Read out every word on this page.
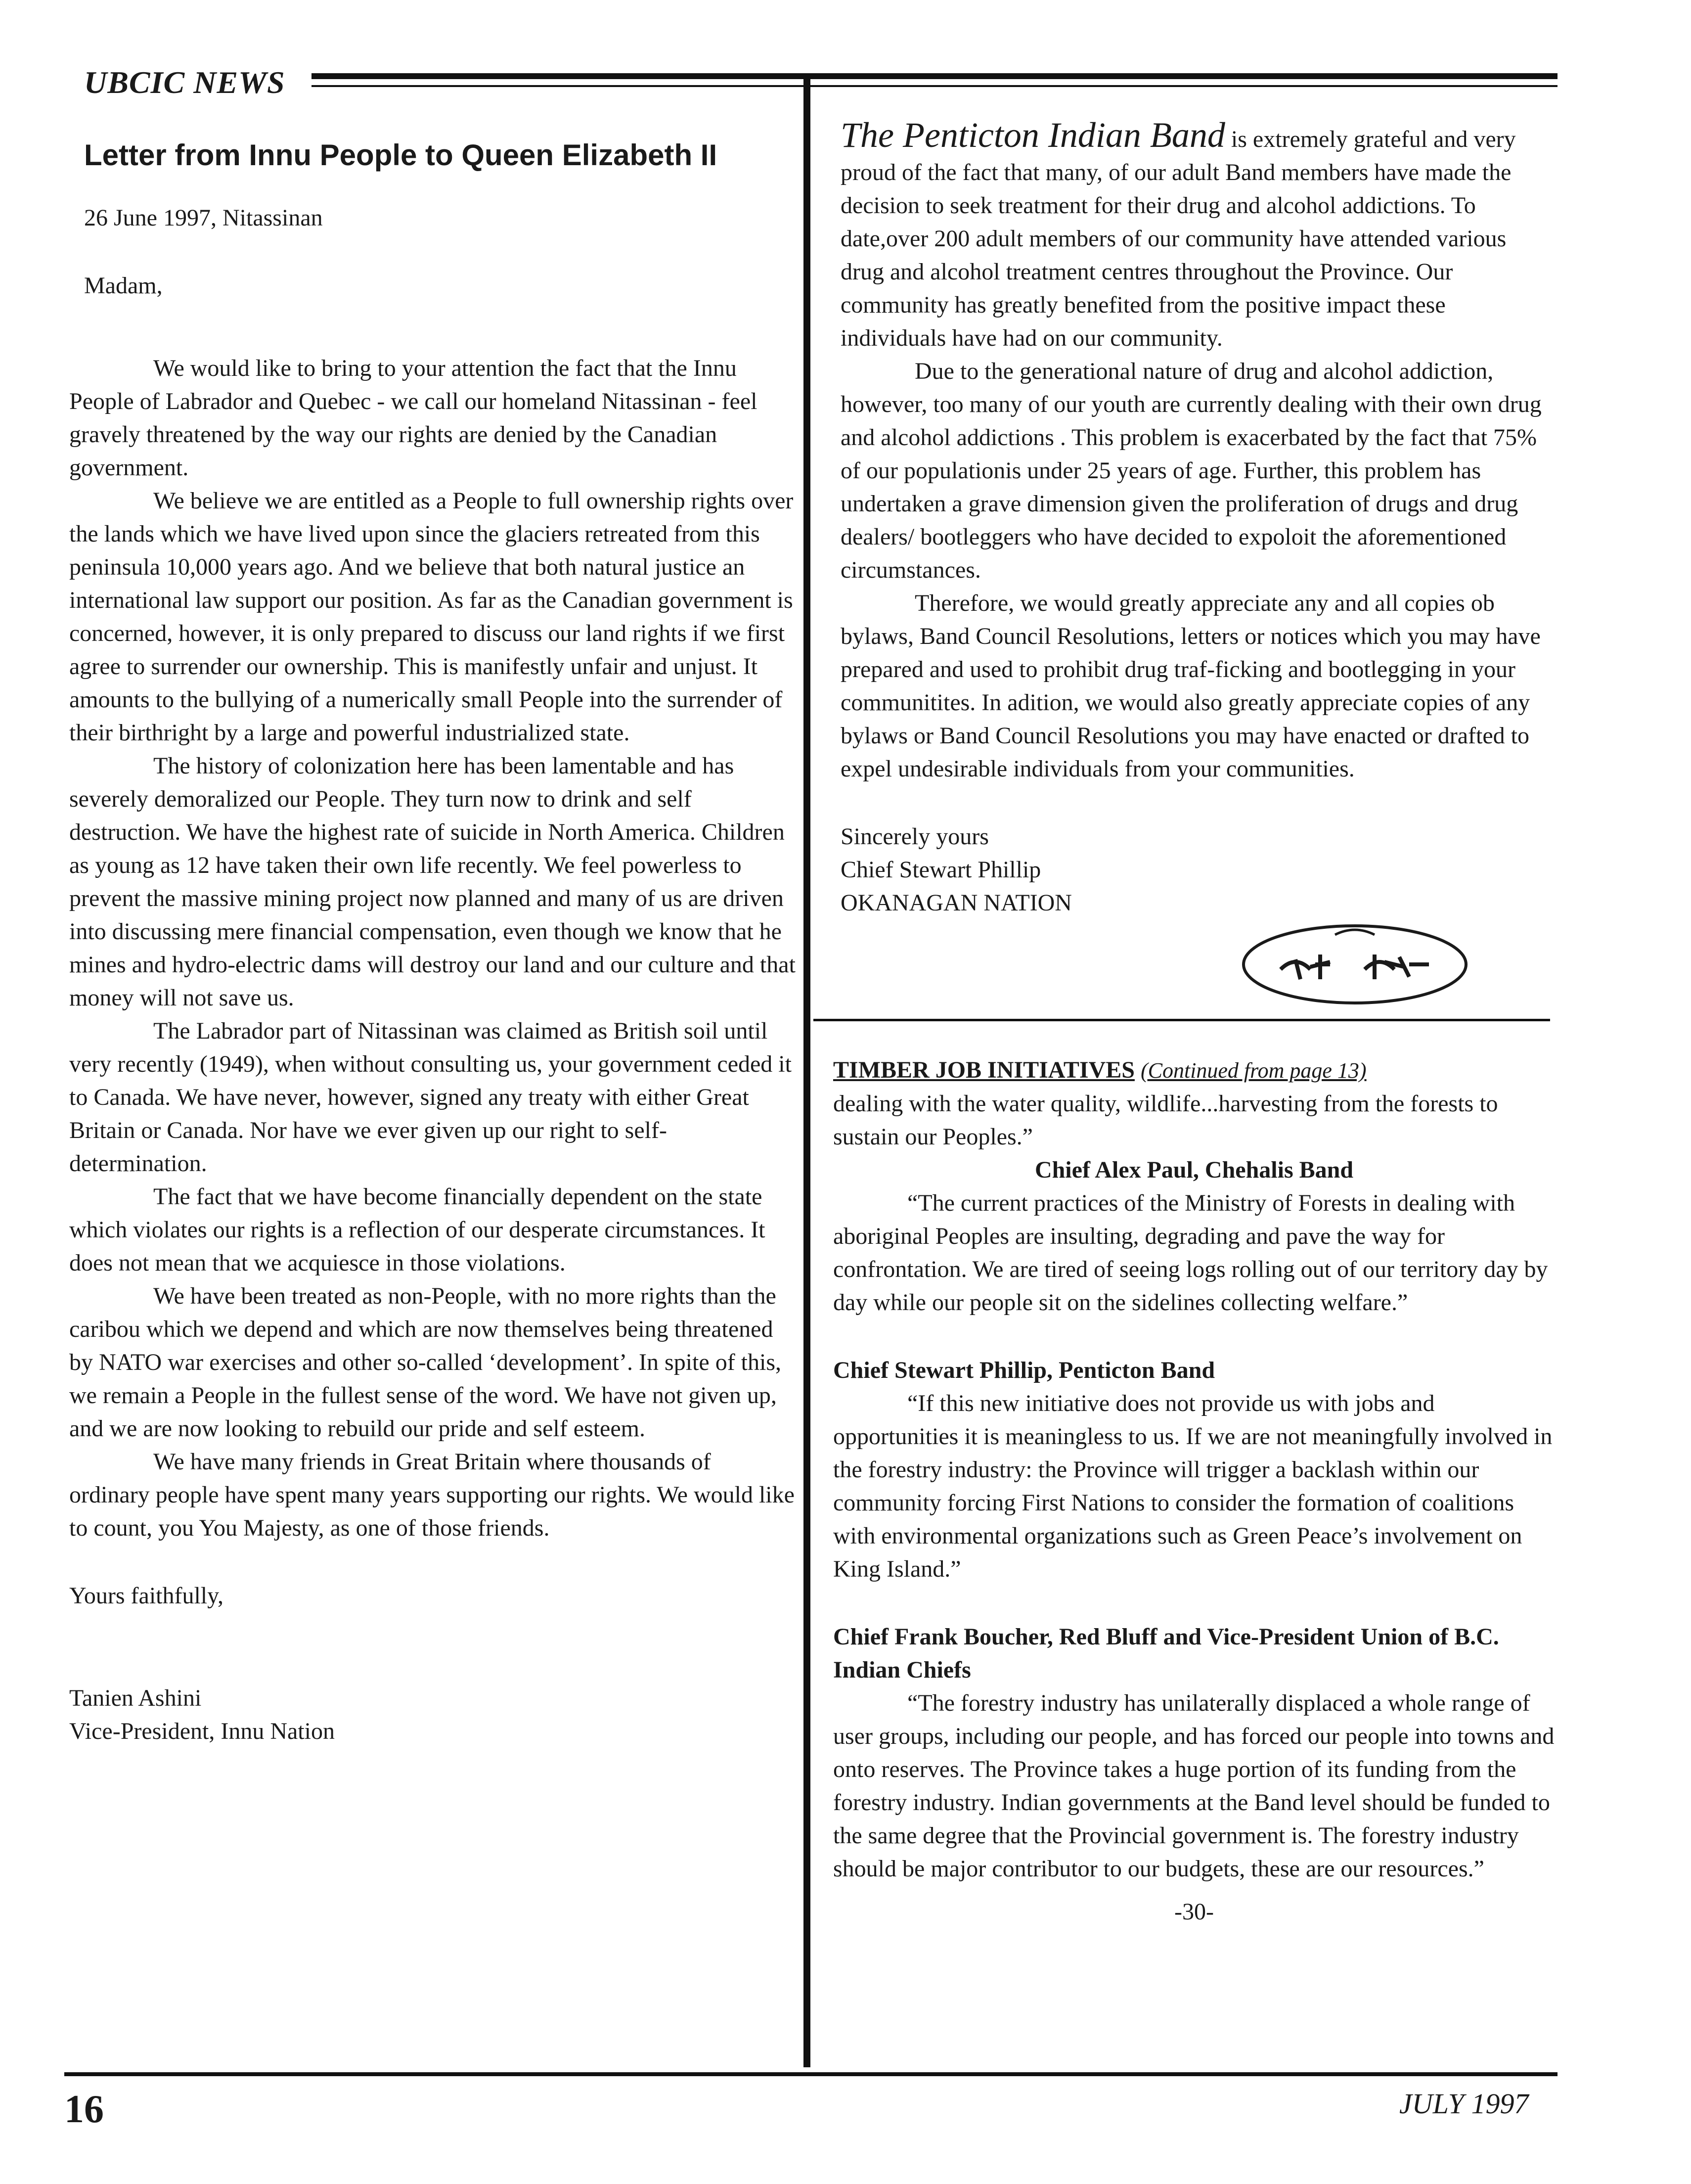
UBCIC NEWS
Letter from Innu People to Queen Elizabeth II

26 June 1997, Nitassinan

Madam,

We would like to bring to your attention the fact that the Innu People of Labrador and Quebec - we call our homeland Nitassinan - feel gravely threatened by the way our rights are denied by the Canadian government.

We believe we are entitled as a People to full ownership rights over the lands which we have lived upon since the glaciers retreated from this peninsula 10,000 years ago. And we believe that both natural justice an international law support our position. As far as the Canadian government is concerned, however, it is only prepared to discuss our land rights if we first agree to surrender our ownership. This is manifestly unfair and unjust. It amounts to the bullying of a numerically small People into the surrender of their birthright by a large and powerful industrialized state.

The history of colonization here has been lamentable and has severely demoralized our People. They turn now to drink and self destruction. We have the highest rate of suicide in North America. Children as young as 12 have taken their own life recently. We feel powerless to prevent the massive mining project now planned and many of us are driven into discussing mere financial compensation, even though we know that he mines and hydro-electric dams will destroy our land and our culture and that money will not save us.

The Labrador part of Nitassinan was claimed as British soil until very recently (1949), when without consulting us, your government ceded it to Canada. We have never, however, signed any treaty with either Great Britain or Canada. Nor have we ever given up our right to self-determination.

The fact that we have become financially dependent on the state which violates our rights is a reflection of our desperate circumstances. It does not mean that we acquiesce in those violations.

We have been treated as non-People, with no more rights than the caribou which we depend and which are now themselves being threatened by NATO war exercises and other so-called ‘development’. In spite of this, we remain a People in the fullest sense of the word. We have not given up, and we are now looking to rebuild our pride and self esteem.

We have many friends in Great Britain where thousands of ordinary people have spent many years supporting our rights. We would like to count, you You Majesty, as one of those friends.

Yours faithfully,

Tanien Ashini

Vice-President, Innu Nation

The Penticton Indian Band is extremely grateful and very proud of the fact that many, of our adult Band members have made the decision to seek treatment for their drug and alcohol addictions. To date,over 200 adult members of our community have attended various drug and alcohol treatment centres throughout the Province. Our community has greatly benefited from the positive impact these individuals have had on our community.

Due to the generational nature of drug and alcohol addiction, however, too many of our youth are currently dealing with their own drug and alcohol addictions . This problem is exacerbated by the fact that 75% of our populationis under 25 years of age. Further, this problem has undertaken a grave dimension given the proliferation of drugs and drug dealers/ bootleggers who have decided to expoloit the aforementioned circumstances.

Therefore, we would greatly appreciate any and all copies ob bylaws, Band Council Resolutions, letters or notices which you may have prepared and used to prohibit drug traf-ficking and bootlegging in your communitites. In adition, we would also greatly appreciate copies of any bylaws or Band Council Resolutions you may have enacted or drafted to expel undesirable individuals from your communities.

Sincerely yours
Chief Stewart Phillip
OKANAGAN NATION

TIMBER JOB INITIATIVES (Continued from page 13)

dealing with the water quality, wildlife...harvesting from the forests to sustain our Peoples.”

Chief Alex Paul, Chehalis Band

“The current practices of the Ministry of Forests in dealing with aboriginal Peoples are insulting, degrading and pave the way for confrontation. We are tired of seeing logs rolling out of our territory day by day while our people sit on the sidelines collecting welfare.”

Chief Stewart Phillip, Penticton Band

“If this new initiative does not provide us with jobs and opportunities it is meaningless to us. If we are not meaningfully involved in the forestry industry: the Province will trigger a backlash within our community forcing First Nations to consider the formation of coalitions with environmental organizations such as Green Peace’s involvement on King Island.”

Chief Frank Boucher, Red Bluff and Vice-President Union of B.C. Indian Chiefs

“The forestry industry has unilaterally displaced a whole range of user groups, including our people, and has forced our people into towns and onto reserves. The Province takes a huge portion of its funding from the forestry industry. Indian governments at the Band level should be funded to the same degree that the Provincial government is. The forestry industry should be major contributor to our budgets, these are our resources.”

-30-

16	JULY 1997
